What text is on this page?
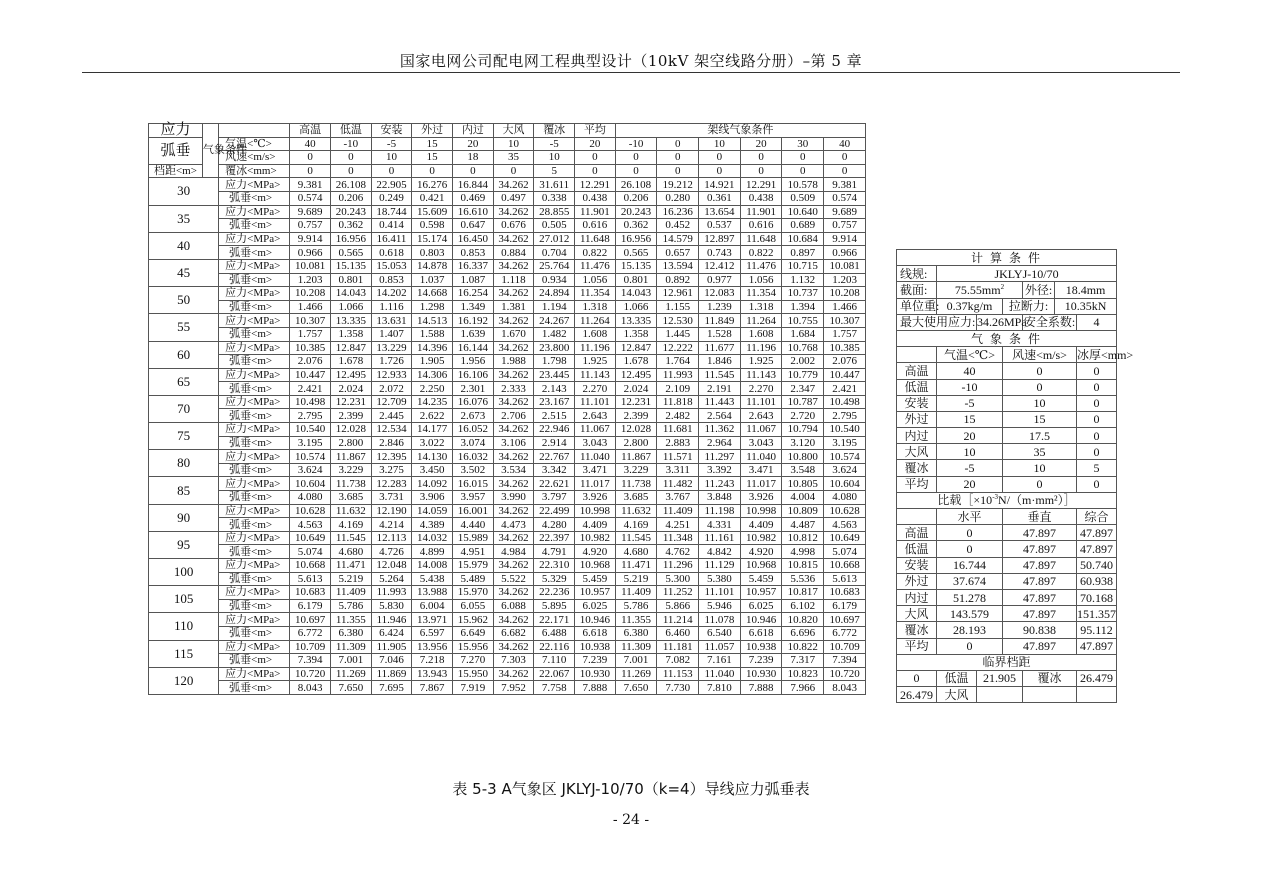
国家电网公司配电网工程典型设计（10kV 架空线路分册）–第 5 章
应力	气象条件		高温	低温	安装	外过	内过	大风	覆冰	平均	架线气象条件					
弧垂		气温<℃>	40	-10	-5	15	20	10	-5	20	-10	0	10	20	30	40
		风速<m/s>	0	0	10	15	18	35	10	0	0	0	0	0	0	0
档距<m>		覆冰<mm>	0	0	0	0	0	0	5	0	0	0	0	0	0	0
30		应力<MPa>	9.381	26.108	22.905	16.276	16.844	34.262	31.611	12.291	26.108	19.212	14.921	12.291	10.578	9.381
		弧垂<m>	0.574	0.206	0.249	0.421	0.469	0.497	0.338	0.438	0.206	0.280	0.361	0.438	0.509	0.574
35		应力<MPa>	9.689	20.243	18.744	15.609	16.610	34.262	28.855	11.901	20.243	16.236	13.654	11.901	10.640	9.689
		弧垂<m>	0.757	0.362	0.414	0.598	0.647	0.676	0.505	0.616	0.362	0.452	0.537	0.616	0.689	0.757
40		应力<MPa>	9.914	16.956	16.411	15.174	16.450	34.262	27.012	11.648	16.956	14.579	12.897	11.648	10.684	9.914
		弧垂<m>	0.966	0.565	0.618	0.803	0.853	0.884	0.704	0.822	0.565	0.657	0.743	0.822	0.897	0.966
45		应力<MPa>	10.081	15.135	15.053	14.878	16.337	34.262	25.764	11.476	15.135	13.594	12.412	11.476	10.715	10.081
		弧垂<m>	1.203	0.801	0.853	1.037	1.087	1.118	0.934	1.056	0.801	0.892	0.977	1.056	1.132	1.203
50		应力<MPa>	10.208	14.043	14.202	14.668	16.254	34.262	24.894	11.354	14.043	12.961	12.083	11.354	10.737	10.208
		弧垂<m>	1.466	1.066	1.116	1.298	1.349	1.381	1.194	1.318	1.066	1.155	1.239	1.318	1.394	1.466
55		应力<MPa>	10.307	13.335	13.631	14.513	16.192	34.262	24.267	11.264	13.335	12.530	11.849	11.264	10.755	10.307
		弧垂<m>	1.757	1.358	1.407	1.588	1.639	1.670	1.482	1.608	1.358	1.445	1.528	1.608	1.684	1.757
60		应力<MPa>	10.385	12.847	13.229	14.396	16.144	34.262	23.800	11.196	12.847	12.222	11.677	11.196	10.768	10.385
		弧垂<m>	2.076	1.678	1.726	1.905	1.956	1.988	1.798	1.925	1.678	1.764	1.846	1.925	2.002	2.076
65		应力<MPa>	10.447	12.495	12.933	14.306	16.106	34.262	23.445	11.143	12.495	11.993	11.545	11.143	10.779	10.447
		弧垂<m>	2.421	2.024	2.072	2.250	2.301	2.333	2.143	2.270	2.024	2.109	2.191	2.270	2.347	2.421
70		应力<MPa>	10.498	12.231	12.709	14.235	16.076	34.262	23.167	11.101	12.231	11.818	11.443	11.101	10.787	10.498
		弧垂<m>	2.795	2.399	2.445	2.622	2.673	2.706	2.515	2.643	2.399	2.482	2.564	2.643	2.720	2.795
75		应力<MPa>	10.540	12.028	12.534	14.177	16.052	34.262	22.946	11.067	12.028	11.681	11.362	11.067	10.794	10.540
		弧垂<m>	3.195	2.800	2.846	3.022	3.074	3.106	2.914	3.043	2.800	2.883	2.964	3.043	3.120	3.195
80		应力<MPa>	10.574	11.867	12.395	14.130	16.032	34.262	22.767	11.040	11.867	11.571	11.297	11.040	10.800	10.574
		弧垂<m>	3.624	3.229	3.275	3.450	3.502	3.534	3.342	3.471	3.229	3.311	3.392	3.471	3.548	3.624
85		应力<MPa>	10.604	11.738	12.283	14.092	16.015	34.262	22.621	11.017	11.738	11.482	11.243	11.017	10.805	10.604
		弧垂<m>	4.080	3.685	3.731	3.906	3.957	3.990	3.797	3.926	3.685	3.767	3.848	3.926	4.004	4.080
90		应力<MPa>	10.628	11.632	12.190	14.059	16.001	34.262	22.499	10.998	11.632	11.409	11.198	10.998	10.809	10.628
		弧垂<m>	4.563	4.169	4.214	4.389	4.440	4.473	4.280	4.409	4.169	4.251	4.331	4.409	4.487	4.563
95		应力<MPa>	10.649	11.545	12.113	14.032	15.989	34.262	22.397	10.982	11.545	11.348	11.161	10.982	10.812	10.649
		弧垂<m>	5.074	4.680	4.726	4.899	4.951	4.984	4.791	4.920	4.680	4.762	4.842	4.920	4.998	5.074
100		应力<MPa>	10.668	11.471	12.048	14.008	15.979	34.262	22.310	10.968	11.471	11.296	11.129	10.968	10.815	10.668
		弧垂<m>	5.613	5.219	5.264	5.438	5.489	5.522	5.329	5.459	5.219	5.300	5.380	5.459	5.536	5.613
105		应力<MPa>	10.683	11.409	11.993	13.988	15.970	34.262	22.236	10.957	11.409	11.252	11.101	10.957	10.817	10.683
		弧垂<m>	6.179	5.786	5.830	6.004	6.055	6.088	5.895	6.025	5.786	5.866	5.946	6.025	6.102	6.179
110		应力<MPa>	10.697	11.355	11.946	13.971	15.962	34.262	22.171	10.946	11.355	11.214	11.078	10.946	10.820	10.697
		弧垂<m>	6.772	6.380	6.424	6.597	6.649	6.682	6.488	6.618	6.380	6.460	6.540	6.618	6.696	6.772
115		应力<MPa>	10.709	11.309	11.905	13.956	15.956	34.262	22.116	10.938	11.309	11.181	11.057	10.938	10.822	10.709
		弧垂<m>	7.394	7.001	7.046	7.218	7.270	7.303	7.110	7.239	7.001	7.082	7.161	7.239	7.317	7.394
120		应力<MPa>	10.720	11.269	11.869	13.943	15.950	34.262	22.067	10.930	11.269	11.153	11.040	10.930	10.823	10.720
		弧垂<m>	8.043	7.650	7.695	7.867	7.919	7.952	7.758	7.888	7.650	7.730	7.810	7.888	7.966	8.043
计 算 条 件						
线规:	JKLYJ-10/70					
截面:	$75.55mm^2$			外径:	18.4mm	
单位重:	0.37kg/m		拉断力:		10.35kN	
最大使用应力:		34.26MPa		安全系数:		4
气 象 条 件						
	气温<℃>		风速<m/s>			冰厚<mm>
高温	40		0			0
低温	-10		0			0
安装	-5		10			0
外过	15		15			0
内过	20		17.5			0
大风	10		35			0
覆冰	-5		10			5
平均	20		0			0
比载$[\times 10^{-3}N/(m\cdot mm^2)]$						
	水平		垂直			综合
高温	0		47.897			47.897
低温	0		47.897			47.897
安装	16.744		47.897			50.740
外过	37.674		47.897			60.938
内过	51.278		47.897			70.168
大风	143.579		47.897			151.357
覆冰	28.193		90.838			95.112
平均	0		47.897			47.897
临界档距						
0	低温	21.905		覆冰		26.479
26.479	大风					
表 5-3 A气象区 JKLYJ-10/70（k=4）导线应力弧垂表
- 24 -
